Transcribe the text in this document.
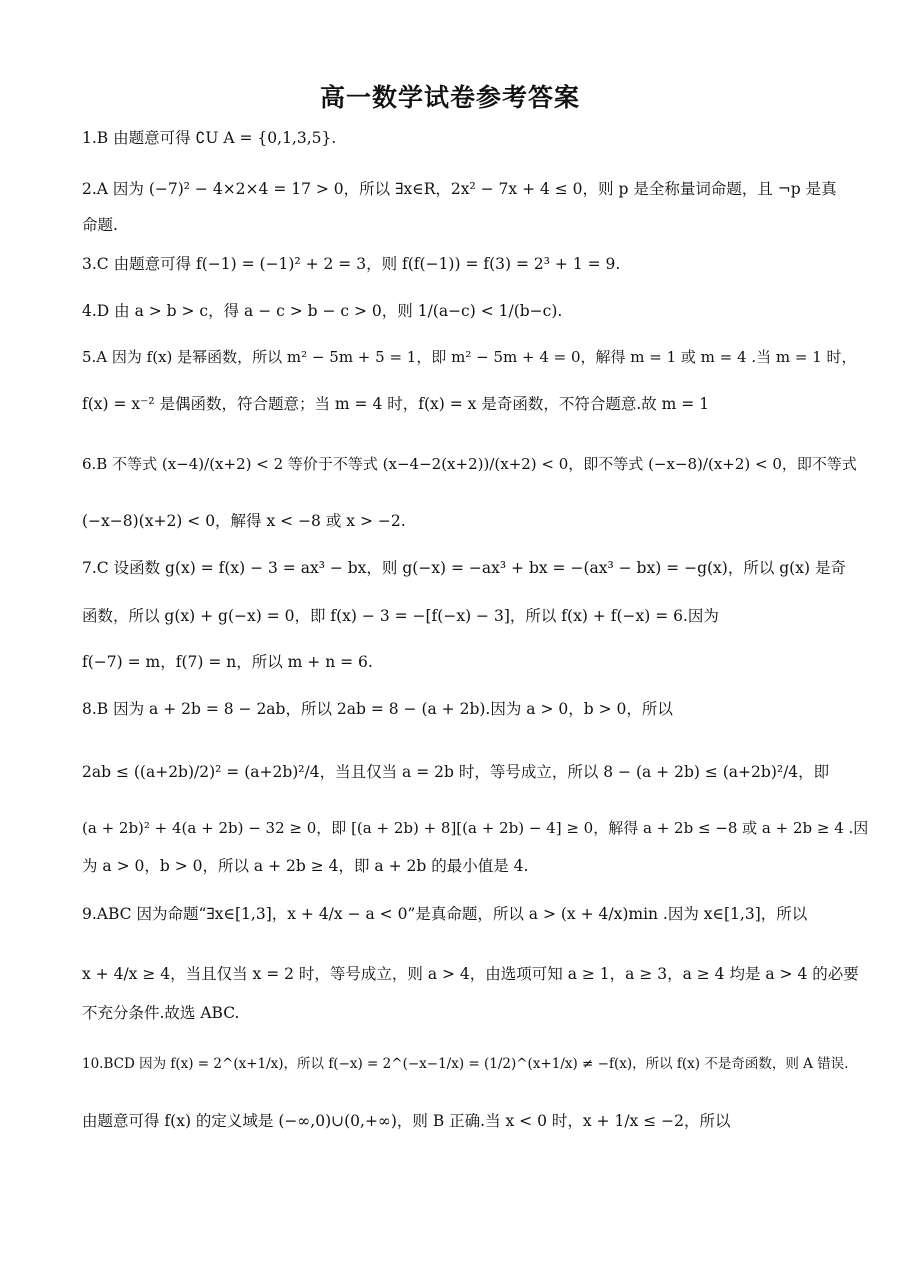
高一数学试卷参考答案
1.B 由题意可得 ∁U A = {0,1,3,5}.
2.A 因为 (−7)² − 4×2×4 = 17 > 0，所以 ∃x∈R，2x² − 7x + 4 ≤ 0，则 p 是全称量词命题，且 ¬p 是真
命题.
3.C 由题意可得 f(−1) = (−1)² + 2 = 3，则 f(f(−1)) = f(3) = 2³ + 1 = 9.
4.D 由 a > b > c，得 a − c > b − c > 0，则 1/(a−c) < 1/(b−c).
5.A 因为 f(x) 是幂函数，所以 m² − 5m + 5 = 1，即 m² − 5m + 4 = 0，解得 m = 1 或 m = 4 .当 m = 1 时，
f(x) = x⁻² 是偶函数，符合题意；当 m = 4 时，f(x) = x 是奇函数，不符合题意.故 m = 1
6.B 不等式 (x−4)/(x+2) < 2 等价于不等式 (x−4−2(x+2))/(x+2) < 0，即不等式 (−x−8)/(x+2) < 0，即不等式
(−x−8)(x+2) < 0，解得 x < −8 或 x > −2.
7.C 设函数 g(x) = f(x) − 3 = ax³ − bx，则 g(−x) = −ax³ + bx = −(ax³ − bx) = −g(x)，所以 g(x) 是奇
函数，所以 g(x) + g(−x) = 0，即 f(x) − 3 = −[f(−x) − 3]，所以 f(x) + f(−x) = 6.因为
f(−7) = m，f(7) = n，所以 m + n = 6.
8.B 因为 a + 2b = 8 − 2ab，所以 2ab = 8 − (a + 2b).因为 a > 0，b > 0，所以
2ab ≤ ((a+2b)/2)² = (a+2b)²/4，当且仅当 a = 2b 时，等号成立，所以 8 − (a + 2b) ≤ (a+2b)²/4，即
(a + 2b)² + 4(a + 2b) − 32 ≥ 0，即 [(a + 2b) + 8][(a + 2b) − 4] ≥ 0，解得 a + 2b ≤ −8 或 a + 2b ≥ 4 .因
为 a > 0，b > 0，所以 a + 2b ≥ 4，即 a + 2b 的最小值是 4.
9.ABC 因为命题“∃x∈[1,3]，x + 4/x − a < 0”是真命题，所以 a > (x + 4/x)min .因为 x∈[1,3]，所以
x + 4/x ≥ 4，当且仅当 x = 2 时，等号成立，则 a > 4，由选项可知 a ≥ 1，a ≥ 3，a ≥ 4 均是 a > 4 的必要
不充分条件.故选 ABC.
10.BCD 因为 f(x) = 2^(x+1/x)，所以 f(−x) = 2^(−x−1/x) = (1/2)^(x+1/x) ≠ −f(x)，所以 f(x) 不是奇函数，则 A 错误.
由题意可得 f(x) 的定义域是 (−∞,0)∪(0,+∞)，则 B 正确.当 x < 0 时，x + 1/x ≤ −2，所以
